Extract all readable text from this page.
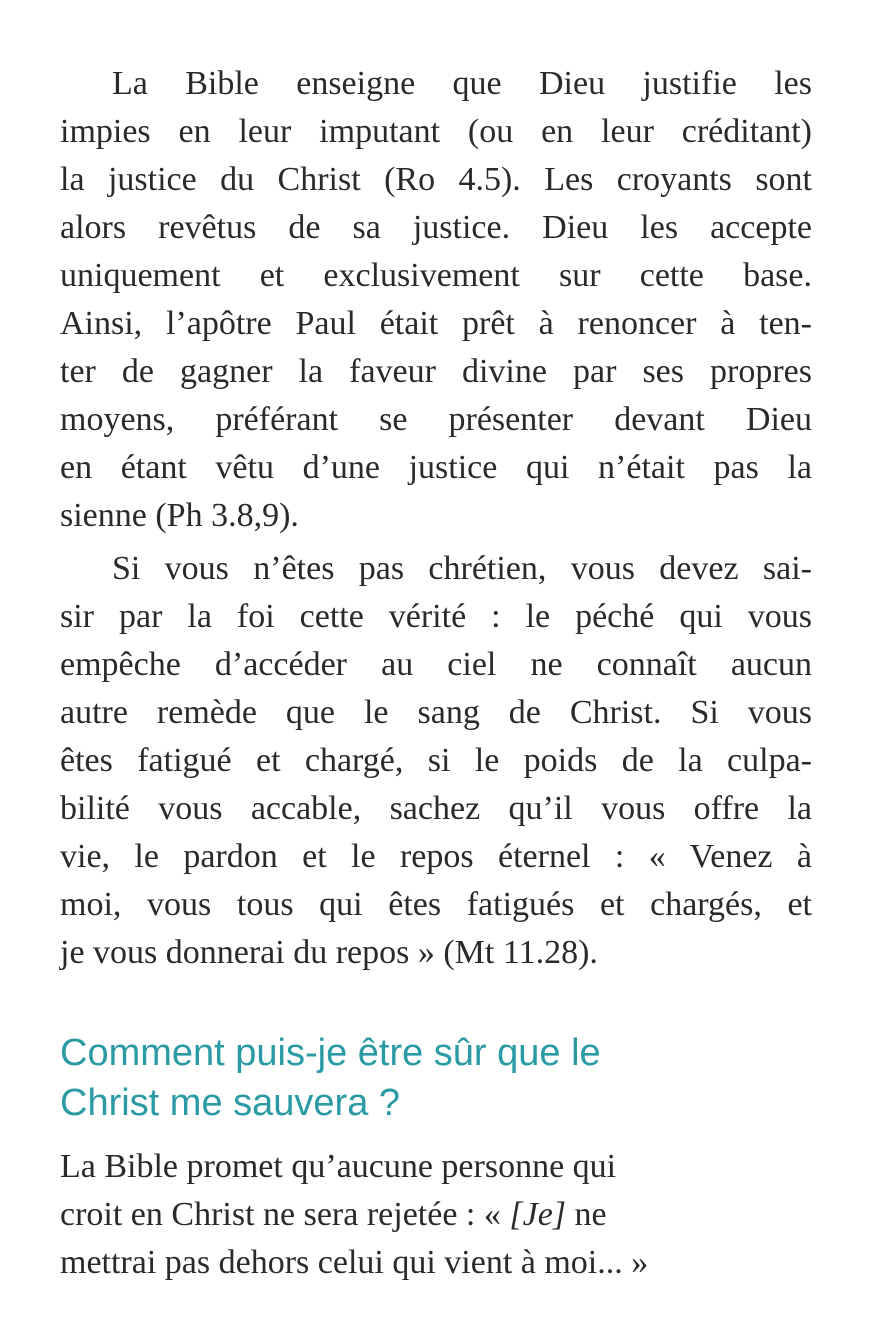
La Bible enseigne que Dieu justifie les
impies en leur imputant (ou en leur créditant)
la justice du Christ (Ro 4.5). Les croyants sont
alors revêtus de sa justice. Dieu les accepte
uniquement et exclusivement sur cette base.
Ainsi, l’apôtre Paul était prêt à renoncer à ten-
ter de gagner la faveur divine par ses propres
moyens, préférant se présenter devant Dieu
en étant vêtu d’une justice qui n’était pas la
sienne (Ph 3.8,9).
Si vous n’êtes pas chrétien, vous devez sai-
sir par la foi cette vérité : le péché qui vous
empêche d’accéder au ciel ne connaît aucun
autre remède que le sang de Christ. Si vous
êtes fatigué et chargé, si le poids de la culpa-
bilité vous accable, sachez qu’il vous offre la
vie, le pardon et le repos éternel : « Venez à
moi, vous tous qui êtes fatigués et chargés, et
je vous donnerai du repos » (Mt 11.28).
Comment puis-je être sûr que le
Christ me sauvera ?
La Bible promet qu’aucune personne qui
croit en Christ ne sera rejetée : « [Je] ne
mettrai pas dehors celui qui vient à moi... »
